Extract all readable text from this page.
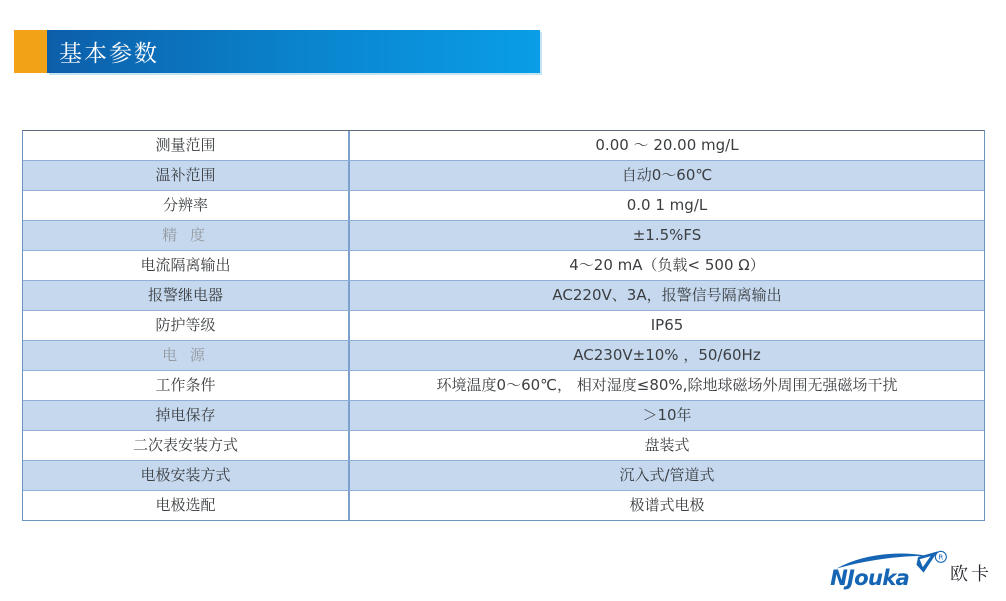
基本参数
测量范围	0.00 ～ 20.00 mg/L
温补范围	自动0～60℃
分辨率	0.0 1 mg/L
精 度	±1.5%FS
电流隔离输出	4～20 mA（负载< 500 Ω）
报警继电器	AC220V、3A，报警信号隔离输出
防护等级	IP65
电 源	AC230V±10% ，50/60Hz
工作条件	环境温度0～60℃， 相对湿度≤80%,除地球磁场外周围无强磁场干扰
掉电保存	＞10年
二次表安装方式	盘装式
电极安装方式	沉入式/管道式
电极选配	极谱式电极
NJouka
R
欧卡
